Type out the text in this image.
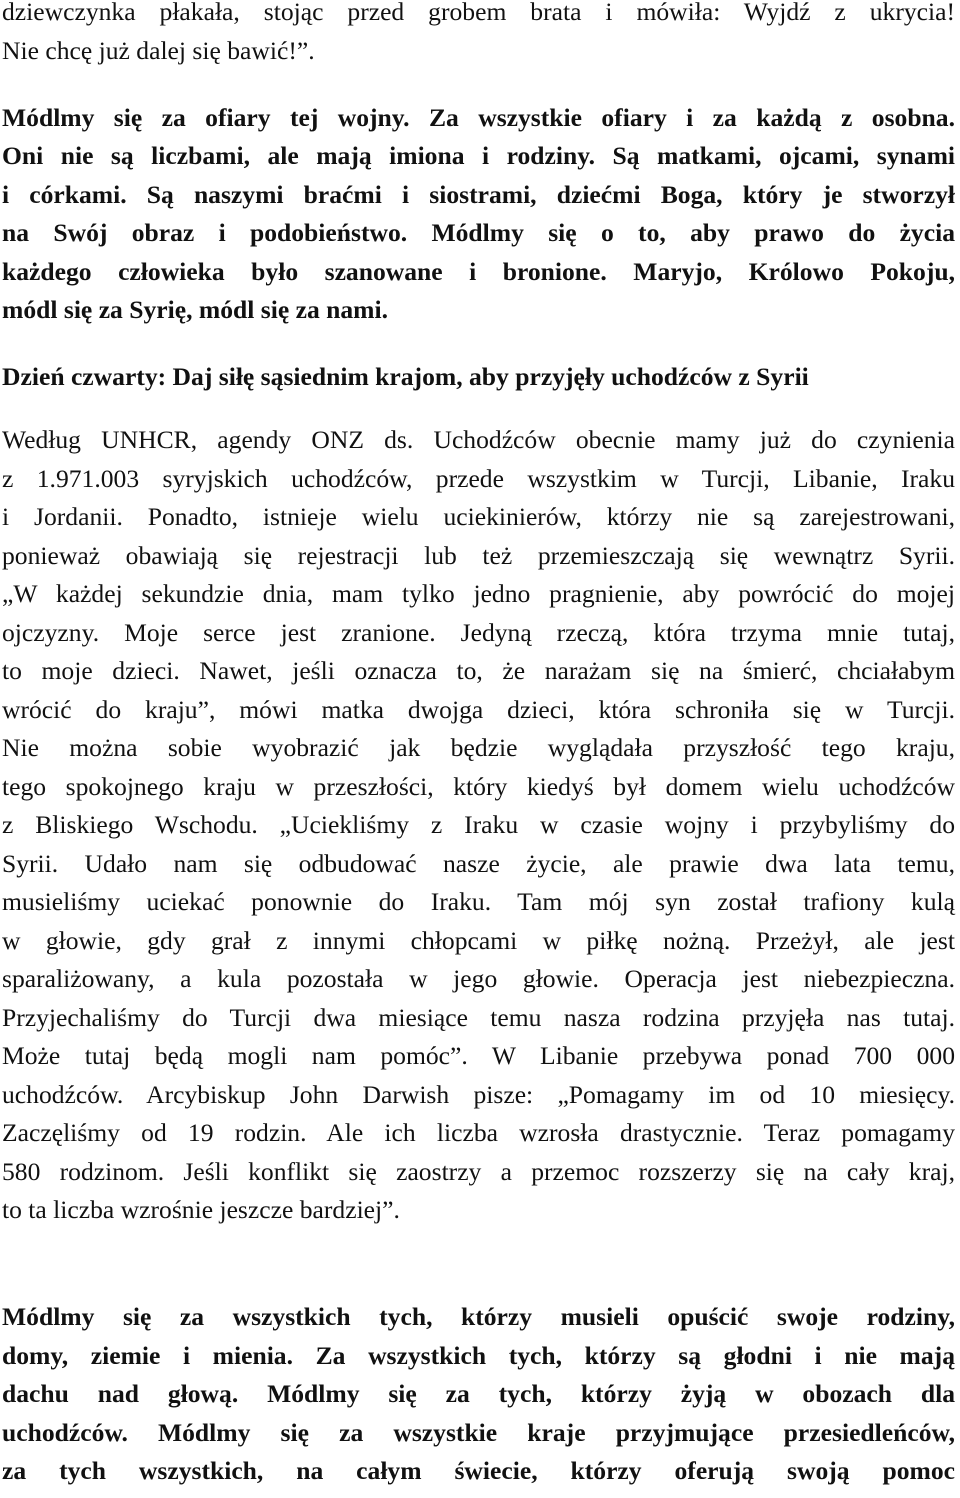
dziewczynka płakała, stojąc przed grobem brata i mówiła: Wyjdź z ukrycia!
Nie chcę już dalej się bawić!”.
Módlmy się za ofiary tej wojny. Za wszystkie ofiary i za każdą z osobna.
Oni nie są liczbami, ale mają imiona i rodziny. Są matkami, ojcami, synami
i córkami. Są naszymi braćmi i siostrami, dziećmi Boga, który je stworzył
na Swój obraz i podobieństwo. Módlmy się o to, aby prawo do życia
każdego człowieka było szanowane i bronione. Maryjo, Królowo Pokoju,
módl się za Syrię, módl się za nami.
Dzień czwarty: Daj siłę sąsiednim krajom, aby przyjęły uchodźców z Syrii
Według UNHCR, agendy ONZ ds. Uchodźców obecnie mamy już do czynienia
z 1.971.003 syryjskich uchodźców, przede wszystkim w Turcji, Libanie, Iraku
i Jordanii. Ponadto, istnieje wielu uciekinierów, którzy nie są zarejestrowani,
ponieważ obawiają się rejestracji lub też przemieszczają się wewnątrz Syrii.
„W każdej sekundzie dnia, mam tylko jedno pragnienie, aby powrócić do mojej
ojczyzny. Moje serce jest zranione. Jedyną rzeczą, która trzyma mnie tutaj,
to moje dzieci. Nawet, jeśli oznacza to, że narażam się na śmierć, chciałabym
wrócić do kraju”, mówi matka dwojga dzieci, która schroniła się w Turcji.
Nie można sobie wyobrazić jak będzie wyglądała przyszłość tego kraju,
tego spokojnego kraju w przeszłości, który kiedyś był domem wielu uchodźców
z Bliskiego Wschodu. „Uciekliśmy z Iraku w czasie wojny i przybyliśmy do
Syrii. Udało nam się odbudować nasze życie, ale prawie dwa lata temu,
musieliśmy uciekać ponownie do Iraku. Tam mój syn został trafiony kulą
w głowie, gdy grał z innymi chłopcami w piłkę nożną. Przeżył, ale jest
sparaliżowany, a kula pozostała w jego głowie. Operacja jest niebezpieczna.
Przyjechaliśmy do Turcji dwa miesiące temu nasza rodzina przyjęła nas tutaj.
Może tutaj będą mogli nam pomóc”. W Libanie przebywa ponad 700 000
uchodźców. Arcybiskup John Darwish pisze: „Pomagamy im od 10 miesięcy.
Zaczęliśmy od 19 rodzin. Ale ich liczba wzrosła drastycznie. Teraz pomagamy
580 rodzinom. Jeśli konflikt się zaostrzy a przemoc rozszerzy się na cały kraj,
to ta liczba wzrośnie jeszcze bardziej”.
Módlmy się za wszystkich tych, którzy musieli opuścić swoje rodziny,
domy, ziemie i mienia. Za wszystkich tych, którzy są głodni i nie mają
dachu nad głową. Módlmy się za tych, którzy żyją w obozach dla
uchodźców. Módlmy się za wszystkie kraje przyjmujące przesiedleńców,
za tych wszystkich, na całym świecie, którzy oferują swoją pomoc
